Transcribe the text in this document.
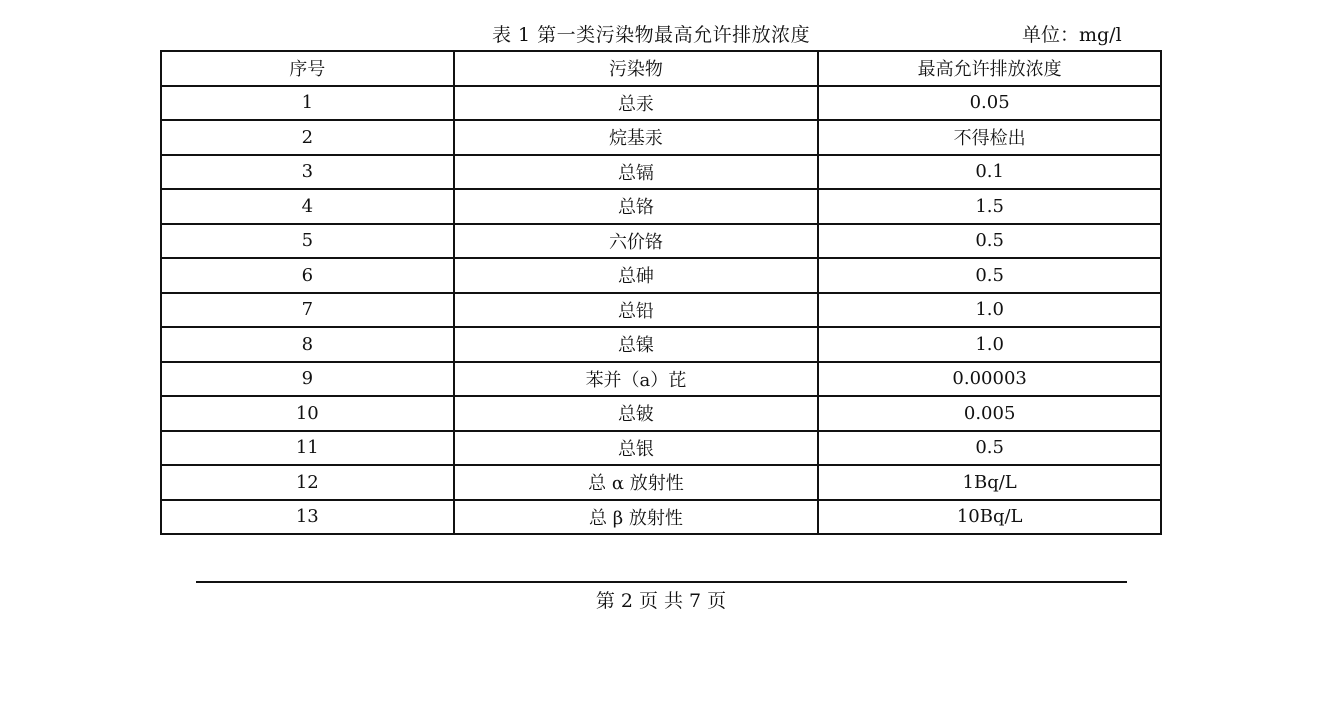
表 1 第一类污染物最高允许排放浓度	单位：mg/l
序号	污染物	最高允许排放浓度
1	总汞	0.05
2	烷基汞	不得检出
3	总镉	0.1
4	总铬	1.5
5	六价铬	0.5
6	总砷	0.5
7	总铅	1.0
8	总镍	1.0
9	苯并（a）芘	0.00003
10	总铍	0.005
11	总银	0.5
12	总 α 放射性	1Bq/L
13	总 β 放射性	10Bq/L
第 2 页 共 7 页
